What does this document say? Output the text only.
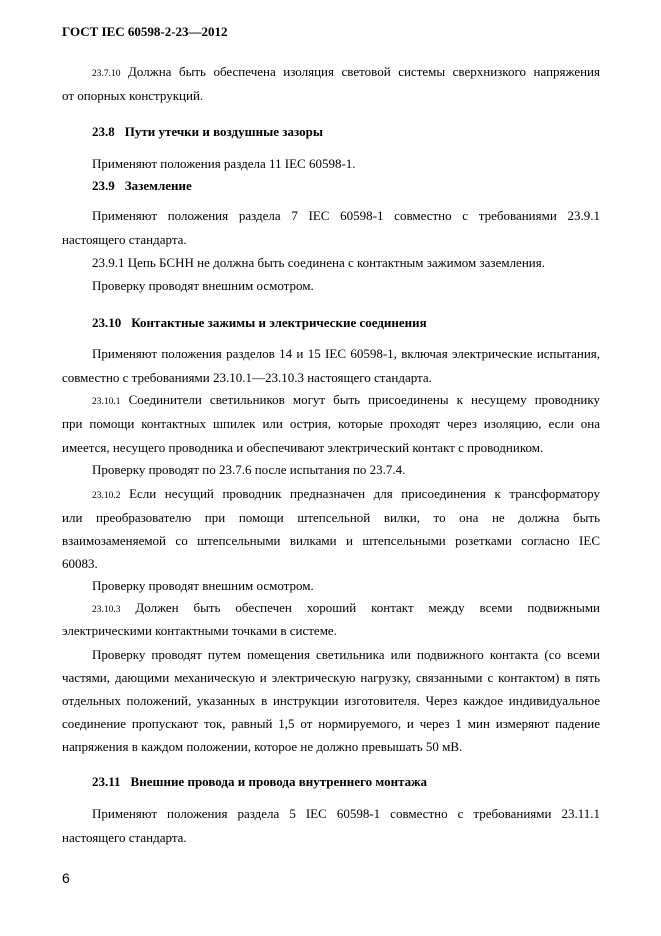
ГОСТ IEC 60598-2-23—2012
23.7.10 Должна быть обеспечена изоляция световой системы сверхнизкого напряжения
от опорных конструкций.
23.8 Пути утечки и воздушные зазоры
Применяют положения раздела 11 IEC 60598-1.
23.9 Заземление
Применяют положения раздела 7 IEC 60598-1 совместно с требованиями 23.9.1
настоящего стандарта.
23.9.1 Цепь БСНН не должна быть соединена с контактным зажимом заземления.
Проверку проводят внешним осмотром.
23.10 Контактные зажимы и электрические соединения
Применяют положения разделов 14 и 15 IEC 60598-1, включая электрические испытания,
совместно с требованиями 23.10.1—23.10.3 настоящего стандарта.
23.10.1 Соединители светильников могут быть присоединены к несущему проводнику
при помощи контактных шпилек или острия, которые проходят через изоляцию, если она
имеется, несущего проводника и обеспечивают электрический контакт с проводником.
Проверку проводят по 23.7.6 после испытания по 23.7.4.
23.10.2 Если несущий проводник предназначен для присоединения к трансформатору
или преобразователю при помощи штепсельной вилки, то она не должна быть
взаимозаменяемой со штепсельными вилками и штепсельными розетками согласно IEC
60083.
Проверку проводят внешним осмотром.
23.10.3 Должен быть обеспечен хороший контакт между всеми подвижными
электрическими контактными точками в системе.
Проверку проводят путем помещения светильника или подвижного контакта (со всеми
частями, дающими механическую и электрическую нагрузку, связанными с контактом) в пять
отдельных положений, указанных в инструкции изготовителя. Через каждое индивидуальное
соединение пропускают ток, равный 1,5 от нормируемого, и через 1 мин измеряют падение
напряжения в каждом положении, которое не должно превышать 50 мВ.
23.11 Внешние провода и провода внутреннего монтажа
Применяют положения раздела 5 IEC 60598-1 совместно с требованиями 23.11.1
настоящего стандарта.
6
